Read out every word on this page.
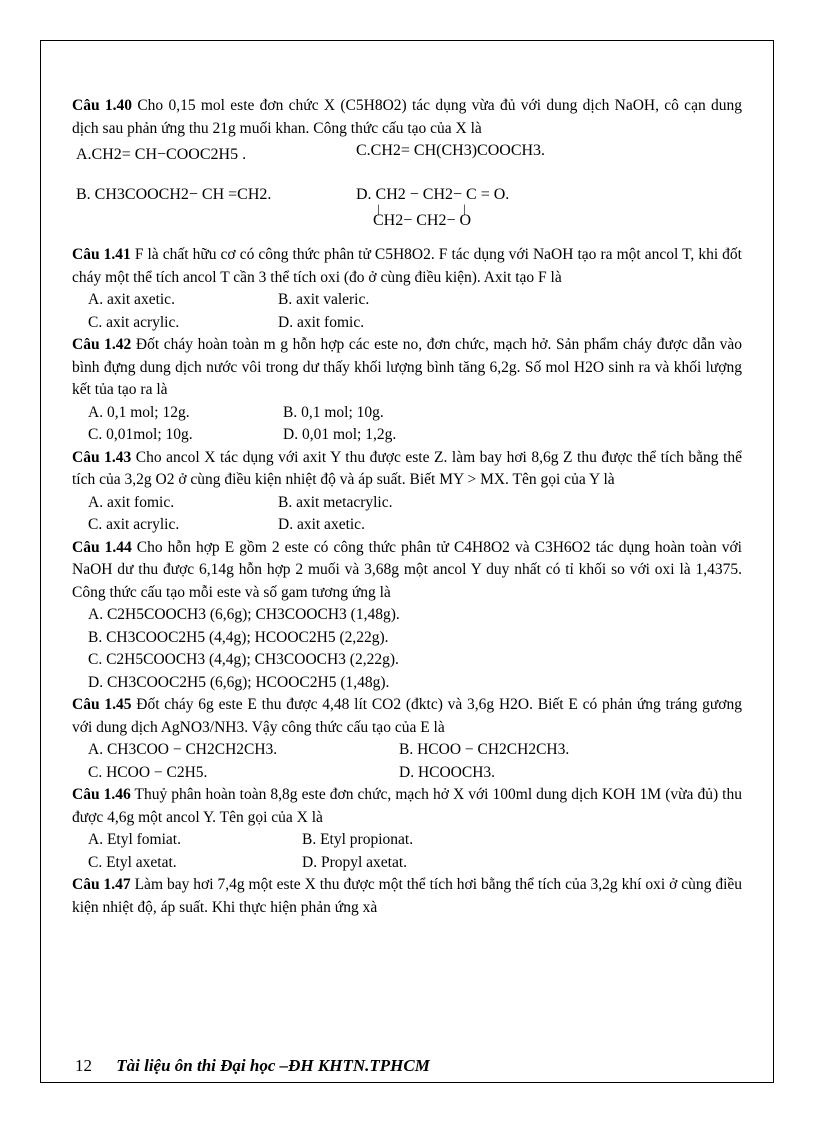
Câu 1.40 Cho 0,15 mol este đơn chức X (C5H8O2) tác dụng vừa đủ với dung dịch NaOH, cô cạn dung dịch sau phản ứng thu 21g muối khan. Công thức cấu tạo của X là

A.CH2= CH−COOC2H5 .	C.CH2= CH(CH3)COOCH3.
B. CH3COOCH2− CH =CH2.	D. CH2 − CH2− C = O.
|	|
CH2− CH2− O

Câu 1.41 F là chất hữu cơ có công thức phân tử C5H8O2. F tác dụng với NaOH tạo ra một ancol T, khi đốt cháy một thể tích ancol T cần 3 thể tích oxi (đo ở cùng điều kiện). Axit tạo F là

A. axit axetic.	B. axit valeric.
C. axit acrylic.	D. axit fomic.

Câu 1.42 Đốt cháy hoàn toàn m g hỗn hợp các este no, đơn chức, mạch hở. Sản phẩm cháy được dẫn vào bình đựng dung dịch nước vôi trong dư thấy khối lượng bình tăng 6,2g. Số mol H2O sinh ra và khối lượng kết tủa tạo ra là

A. 0,1 mol; 12g.	B. 0,1 mol; 10g.
C. 0,01mol; 10g.	D. 0,01 mol; 1,2g.

Câu 1.43 Cho ancol X tác dụng với axit Y thu được este Z. làm bay hơi 8,6g Z thu được thể tích bằng thể tích của 3,2g O2 ở cùng điều kiện nhiệt độ và áp suất. Biết MY > MX. Tên gọi của Y là

A. axit fomic.	B. axit metacrylic.
C. axit acrylic.	D. axit axetic.

Câu 1.44 Cho hỗn hợp E gồm 2 este có công thức phân tử C4H8O2 và C3H6O2 tác dụng hoàn toàn với NaOH dư thu được 6,14g hỗn hợp 2 muối và 3,68g một ancol Y duy nhất có tỉ khối so với oxi là 1,4375. Công thức cấu tạo mỗi este và số gam tương ứng là

A. C2H5COOCH3 (6,6g); CH3COOCH3 (1,48g).
B. CH3COOC2H5 (4,4g); HCOOC2H5 (2,22g).
C. C2H5COOCH3 (4,4g); CH3COOCH3 (2,22g).
D. CH3COOC2H5 (6,6g); HCOOC2H5 (1,48g).

Câu 1.45 Đốt cháy 6g este E thu được 4,48 lít CO2 (đktc) và 3,6g H2O. Biết E có phản ứng tráng gương với dung dịch AgNO3/NH3. Vậy công thức cấu tạo của E là

A. CH3COO − CH2CH2CH3.	B. HCOO − CH2CH2CH3.
C. HCOO − C2H5.	D. HCOOCH3.

Câu 1.46 Thuỷ phân hoàn toàn 8,8g este đơn chức, mạch hở X với 100ml dung dịch KOH 1M (vừa đủ) thu được 4,6g một ancol Y. Tên gọi của X là

A. Etyl fomiat.	B. Etyl propionat.
C. Etyl axetat.	D. Propyl axetat.

Câu 1.47 Làm bay hơi 7,4g một este X thu được một thể tích hơi bằng thể tích của 3,2g khí oxi ở cùng điều kiện nhiệt độ, áp suất. Khi thực hiện phản ứng xà

12 Tài liệu ôn thi Đại học –ĐH KHTN.TPHCM
